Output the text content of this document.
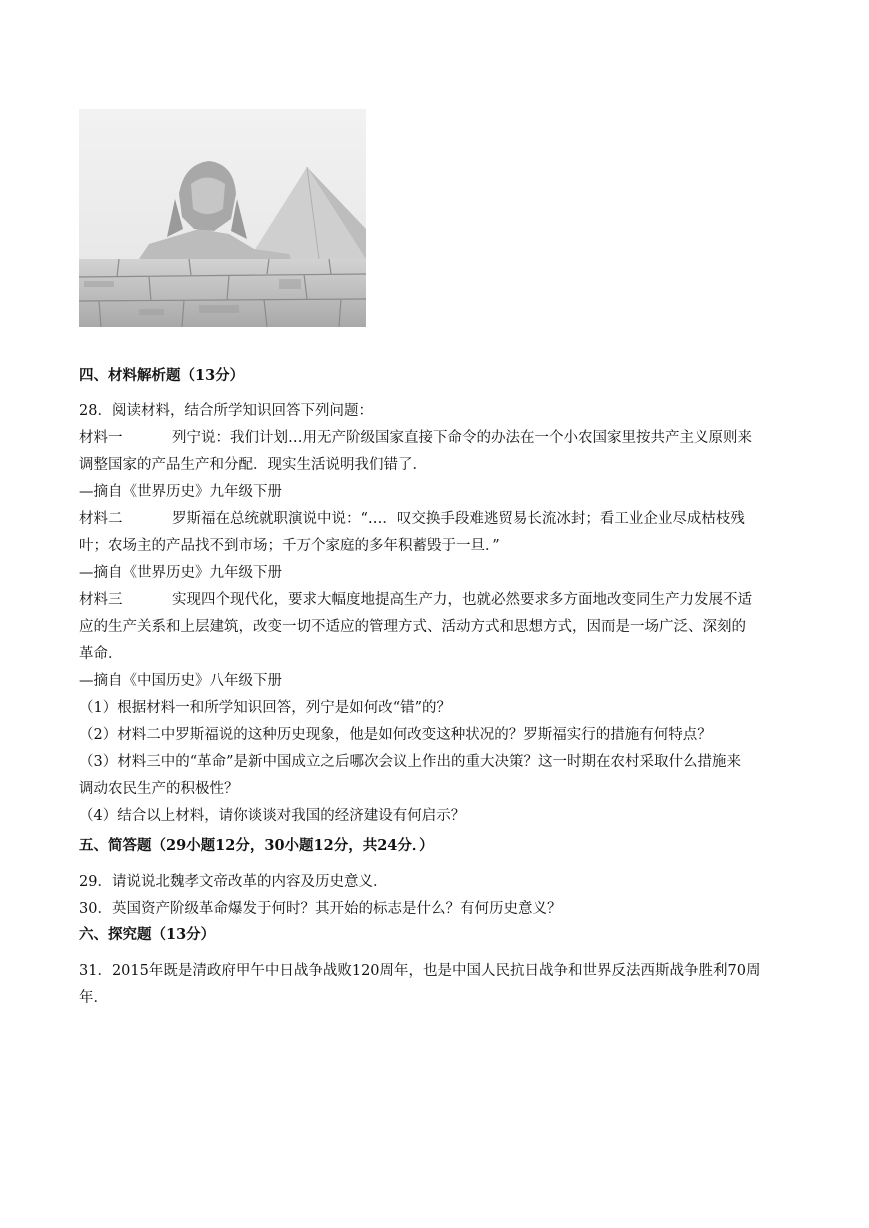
四、材料解析题（13分）
28．阅读材料，结合所学知识回答下列问题：
材料一	列宁说：我们计划…用无产阶级国家直接下命令的办法在一个小农国家里按共产主义原则来
调整国家的产品生产和分配．现实生活说明我们错了．
—摘自《世界历史》九年级下册
材料二	罗斯福在总统就职演说中说：“…．叹交换手段难逃贸易长流冰封；看工业企业尽成枯枝残
叶；农场主的产品找不到市场；千万个家庭的多年积蓄毁于一旦．”
—摘自《世界历史》九年级下册
材料三	实现四个现代化，要求大幅度地提高生产力，也就必然要求多方面地改变同生产力发展不适
应的生产关系和上层建筑，改变一切不适应的管理方式、活动方式和思想方式，因而是一场广泛、深刻的
革命．
—摘自《中国历史》八年级下册
（1）根据材料一和所学知识回答，列宁是如何改“错”的？
（2）材料二中罗斯福说的这种历史现象，他是如何改变这种状况的？罗斯福实行的措施有何特点？
（3）材料三中的“革命”是新中国成立之后哪次会议上作出的重大决策？这一时期在农村采取什么措施来
调动农民生产的积极性？
（4）结合以上材料，请你谈谈对我国的经济建设有何启示？
五、简答题（29小题12分，30小题12分，共24分．）
29．请说说北魏孝文帝改革的内容及历史意义．
30．英国资产阶级革命爆发于何时？其开始的标志是什么？有何历史意义？
六、探究题（13分）
31．2015年既是清政府甲午中日战争战败120周年，也是中国人民抗日战争和世界反法西斯战争胜利70周
年．
